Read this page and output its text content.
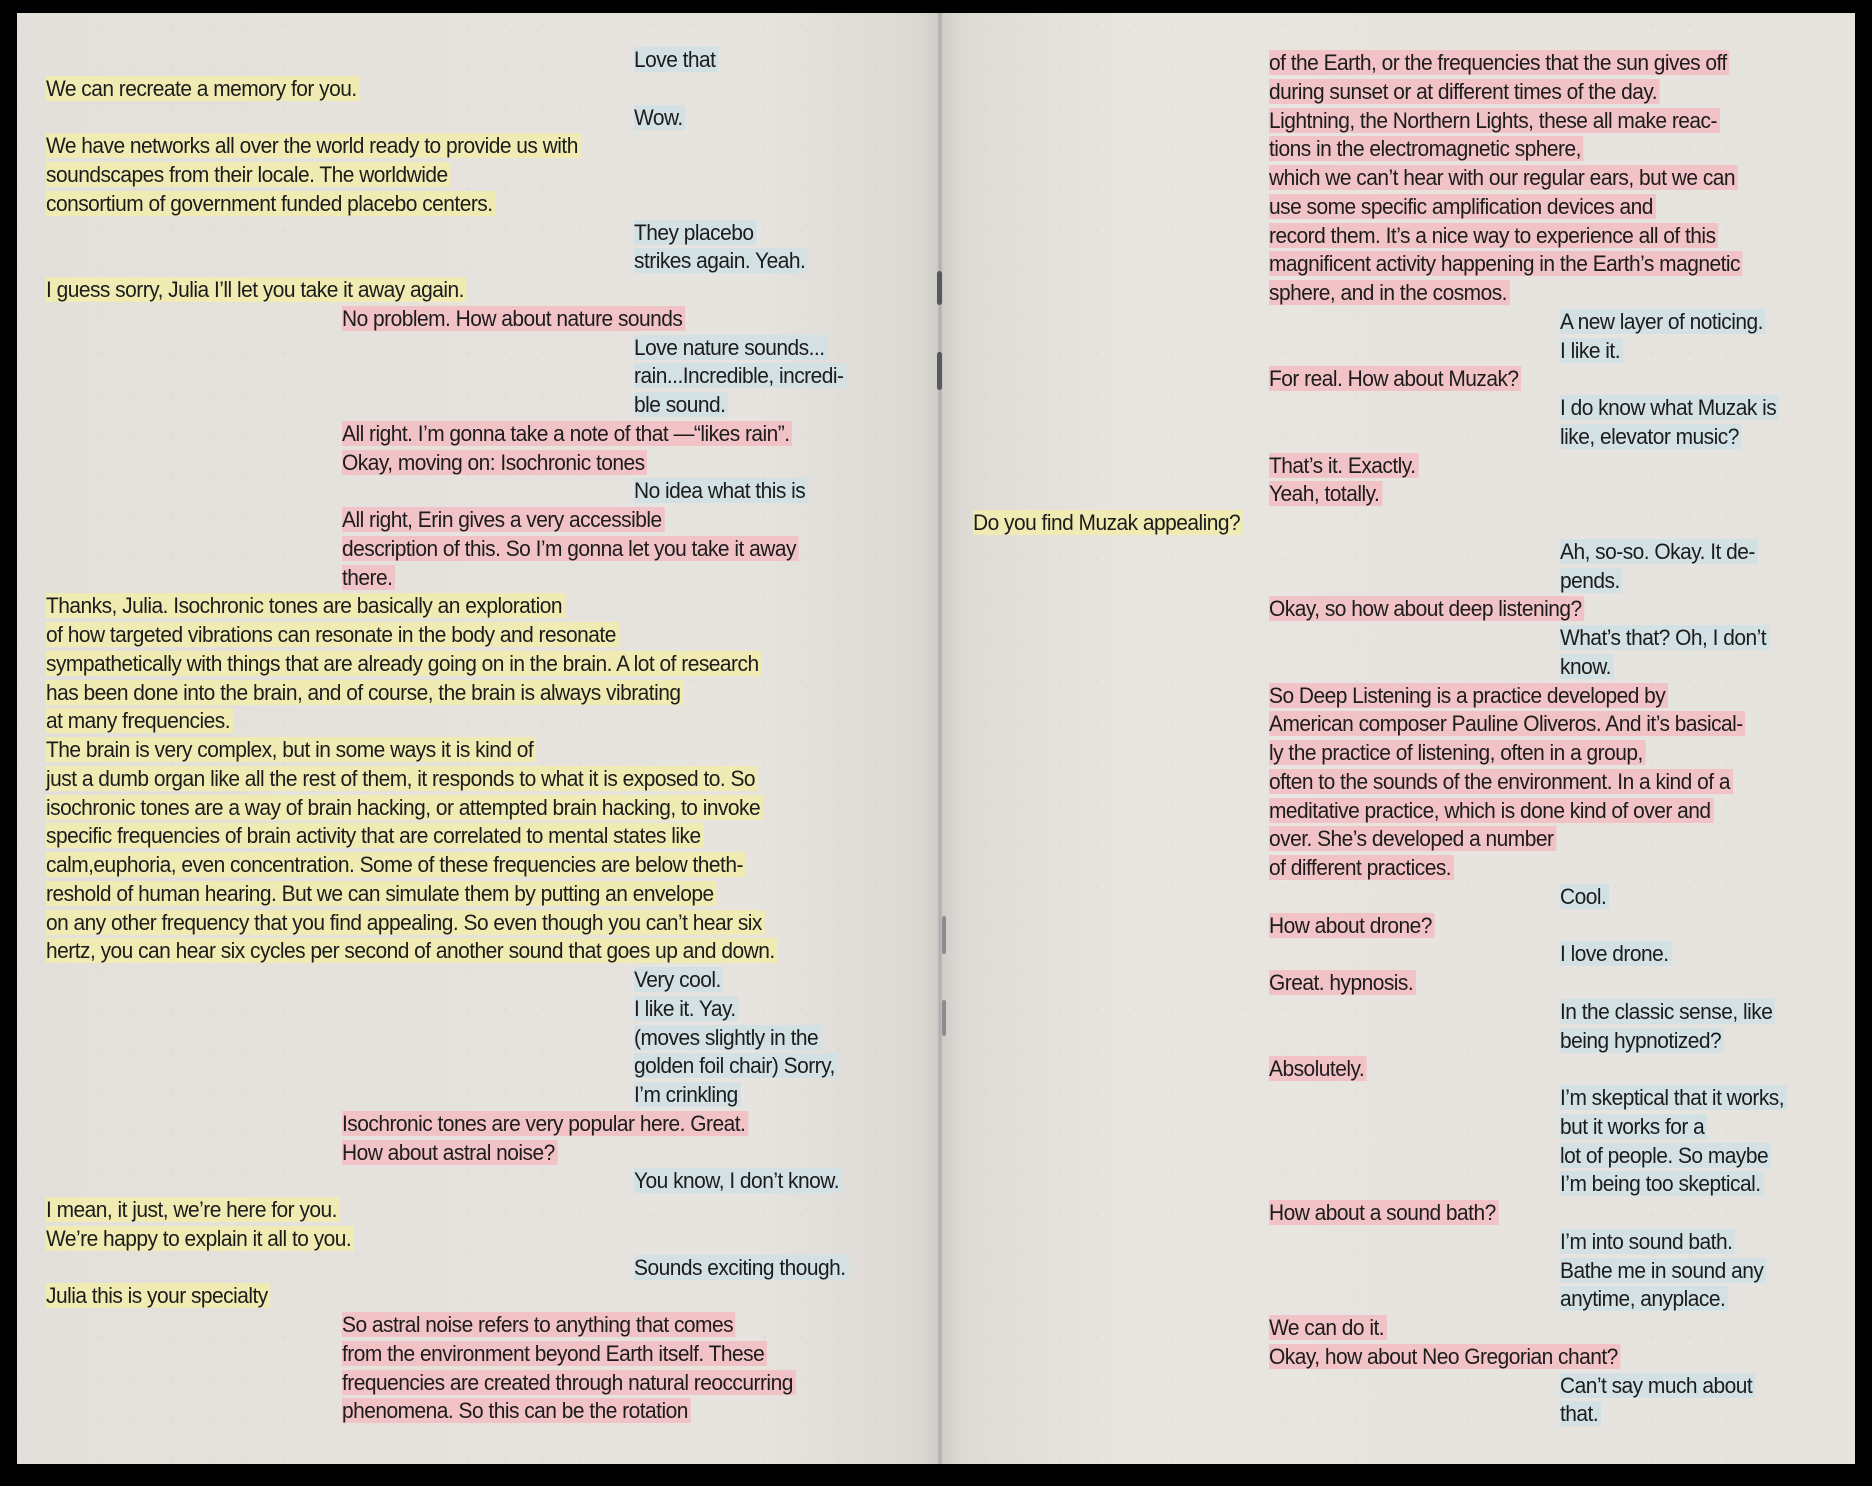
Love that
We can recreate a memory for you.
Wow.
We have networks all over the world ready to provide us with
soundscapes from their locale. The worldwide
consortium of government funded placebo centers.
They placebo
strikes again. Yeah.
I guess sorry, Julia I’ll let you take it away again.
No problem. How about nature sounds
Love nature sounds...
rain...Incredible, incredi-
ble sound.
All right. I’m gonna take a note of that —“likes rain”.
Okay, moving on: Isochronic tones
No idea what this is
All right, Erin gives a very accessible
description of this. So I’m gonna let you take it away
there.
Thanks, Julia. Isochronic tones are basically an exploration
of how targeted vibrations can resonate in the body and resonate
sympathetically with things that are already going on in the brain. A lot of research
has been done into the brain, and of course, the brain is always vibrating
at many frequencies.
The brain is very complex, but in some ways it is kind of
just a dumb organ like all the rest of them, it responds to what it is exposed to. So
isochronic tones are a way of brain hacking, or attempted brain hacking, to invoke
specific frequencies of brain activity that are correlated to mental states like
calm,euphoria, even concentration. Some of these frequencies are below theth-
reshold of human hearing. But we can simulate them by putting an envelope
on any other frequency that you find appealing. So even though you can’t hear six
hertz, you can hear six cycles per second of another sound that goes up and down.
Very cool.
I like it. Yay.
(moves slightly in the
golden foil chair) Sorry,
I’m crinkling
Isochronic tones are very popular here. Great.
How about astral noise?
You know, I don’t know.
I mean, it just, we’re here for you.
We’re happy to explain it all to you.
Sounds exciting though.
Julia this is your specialty
So astral noise refers to anything that comes
from the environment beyond Earth itself. These
frequencies are created through natural reoccurring
phenomena. So this can be the rotation
of the Earth, or the frequencies that the sun gives off
during sunset or at different times of the day.
Lightning, the Northern Lights, these all make reac-
tions in the electromagnetic sphere,
which we can’t hear with our regular ears, but we can
use some specific amplification devices and
record them. It’s a nice way to experience all of this
magnificent activity happening in the Earth’s magnetic
sphere, and in the cosmos.
A new layer of noticing.
I like it.
For real. How about Muzak?
I do know what Muzak is
like, elevator music?
That’s it. Exactly.
Yeah, totally.
Do you find Muzak appealing?
Ah, so-so. Okay. It de-
pends.
Okay, so how about deep listening?
What’s that? Oh, I don’t
know.
So Deep Listening is a practice developed by
American composer Pauline Oliveros. And it’s basical-
ly the practice of listening, often in a group,
often to the sounds of the environment. In a kind of a
meditative practice, which is done kind of over and
over. She’s developed a number
of different practices.
Cool.
How about drone?
I love drone.
Great. hypnosis.
In the classic sense, like
being hypnotized?
Absolutely.
I’m skeptical that it works,
but it works for a
lot of people. So maybe
I’m being too skeptical.
How about a sound bath?
I’m into sound bath.
Bathe me in sound any
anytime, anyplace.
We can do it.
Okay, how about Neo Gregorian chant?
Can’t say much about
that.
